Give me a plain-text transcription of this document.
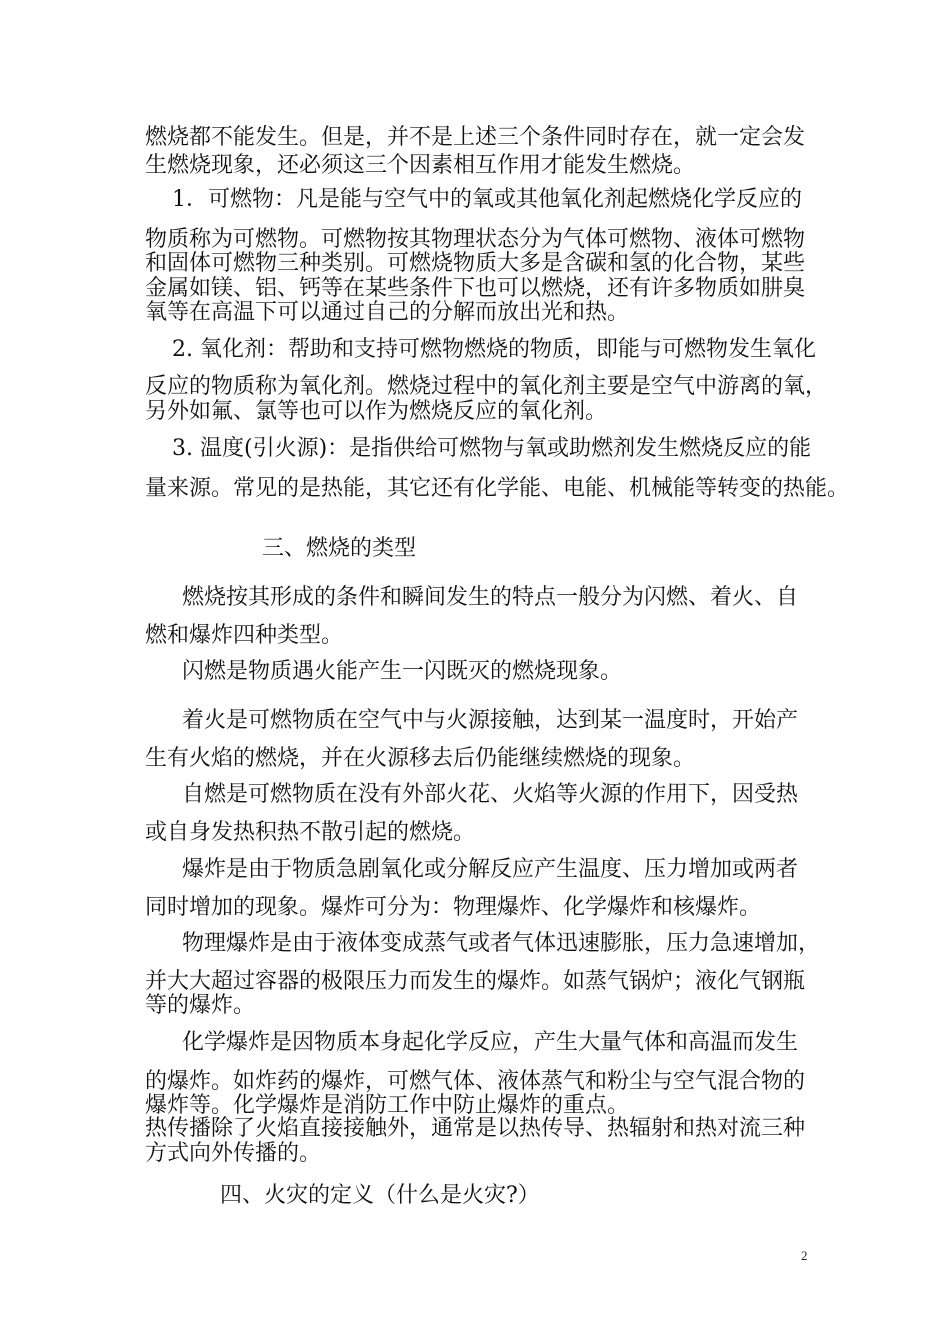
燃烧都不能发生。但是，并不是上述三个条件同时存在，就一定会发
生燃烧现象，还必须这三个因素相互作用才能发生燃烧。
1．可燃物：凡是能与空气中的氧或其他氧化剂起燃烧化学反应的
物质称为可燃物。可燃物按其物理状态分为气体可燃物、液体可燃物
和固体可燃物三种类别。可燃烧物质大多是含碳和氢的化合物，某些
金属如镁、铝、钙等在某些条件下也可以燃烧，还有许多物质如肼臭
氧等在高温下可以通过自己的分解而放出光和热。
2. 氧化剂：帮助和支持可燃物燃烧的物质，即能与可燃物发生氧化
反应的物质称为氧化剂。燃烧过程中的氧化剂主要是空气中游离的氧，
另外如氟、氯等也可以作为燃烧反应的氧化剂。
3. 温度(引火源)：是指供给可燃物与氧或助燃剂发生燃烧反应的能
量来源。常见的是热能，其它还有化学能、电能、机械能等转变的热能。
三、燃烧的类型
燃烧按其形成的条件和瞬间发生的特点一般分为闪燃、着火、自
燃和爆炸四种类型。
闪燃是物质遇火能产生一闪既灭的燃烧现象。
着火是可燃物质在空气中与火源接触，达到某一温度时，开始产
生有火焰的燃烧，并在火源移去后仍能继续燃烧的现象。
自燃是可燃物质在没有外部火花、火焰等火源的作用下，因受热
或自身发热积热不散引起的燃烧。
爆炸是由于物质急剧氧化或分解反应产生温度、压力增加或两者
同时增加的现象。爆炸可分为：物理爆炸、化学爆炸和核爆炸。
物理爆炸是由于液体变成蒸气或者气体迅速膨胀，压力急速增加，
并大大超过容器的极限压力而发生的爆炸。如蒸气锅炉；液化气钢瓶
等的爆炸。
化学爆炸是因物质本身起化学反应，产生大量气体和高温而发生
的爆炸。如炸药的爆炸，可燃气体、液体蒸气和粉尘与空气混合物的
爆炸等。化学爆炸是消防工作中防止爆炸的重点。
热传播除了火焰直接接触外，通常是以热传导、热辐射和热对流三种
方式向外传播的。
四、火灾的定义（什么是火灾?）
2
